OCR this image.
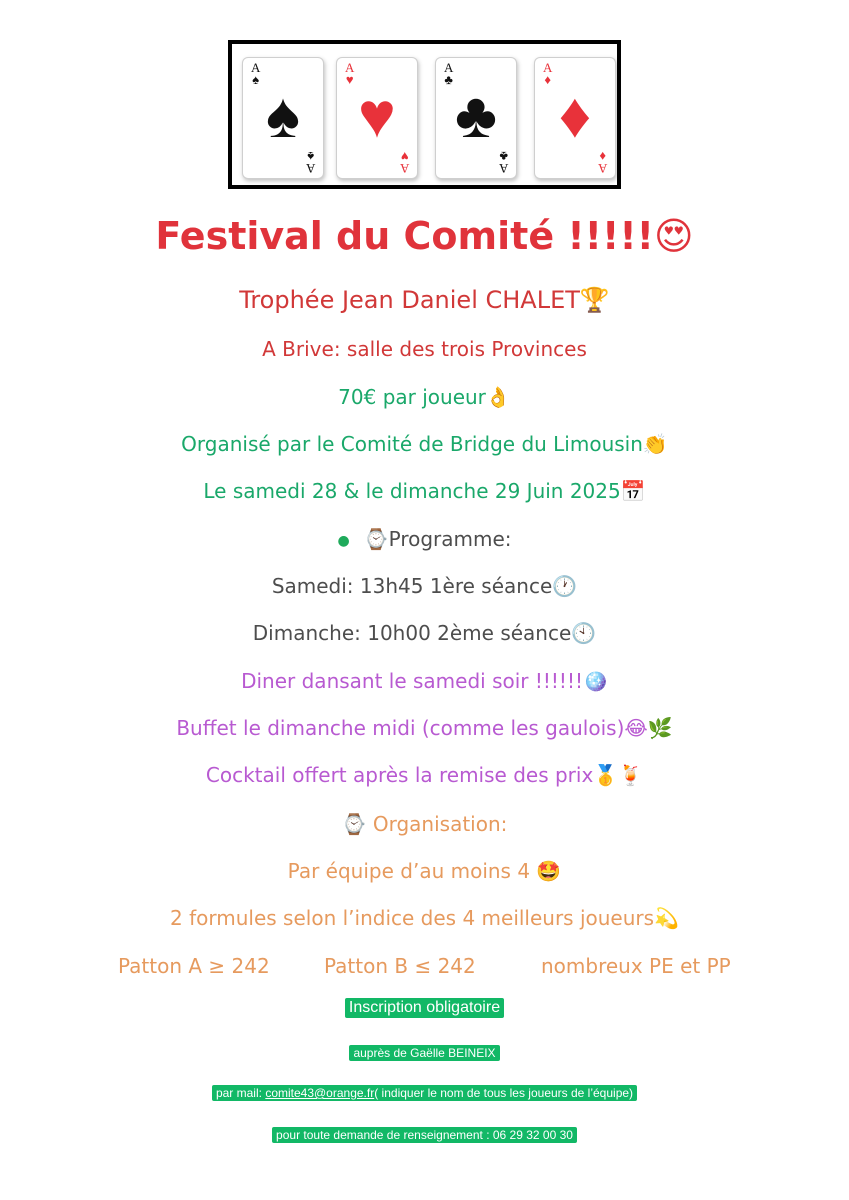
A
♠
♠
A
♠
A
♥
♥
A
♥
A
♣
♣
A
♣
A
♦
♦
A
♦
Festival du Comité !!!!!😍
Trophée Jean Daniel CHALET🏆
A Brive: salle des trois Provinces
70€ par joueur👌
Organisé par le Comité de Bridge du Limousin👏
Le samedi 28 & le dimanche 29 Juin 2025📅
● ⌚Programme:
Samedi: 13h45 1ère séance🕐
Dimanche: 10h00 2ème séance🕙
Diner dansant le samedi soir !!!!!!🪩
Buffet le dimanche midi (comme les gaulois)😂🌿
Cocktail offert après la remise des prix🥇🍹
⌚ Organisation:
Par équipe d’au moins 4 🤩
2 formules selon l’indice des 4 meilleurs joueurs💫
Patton A ≥ 242	Patton B ≤ 242	nombreux PE et PP
Inscription obligatoire
auprès de Gaëlle BEINEIX
par mail: comite43@orange.fr( indiquer le nom de tous les joueurs de l’équipe)
pour toute demande de renseignement : 06 29 32 00 30
